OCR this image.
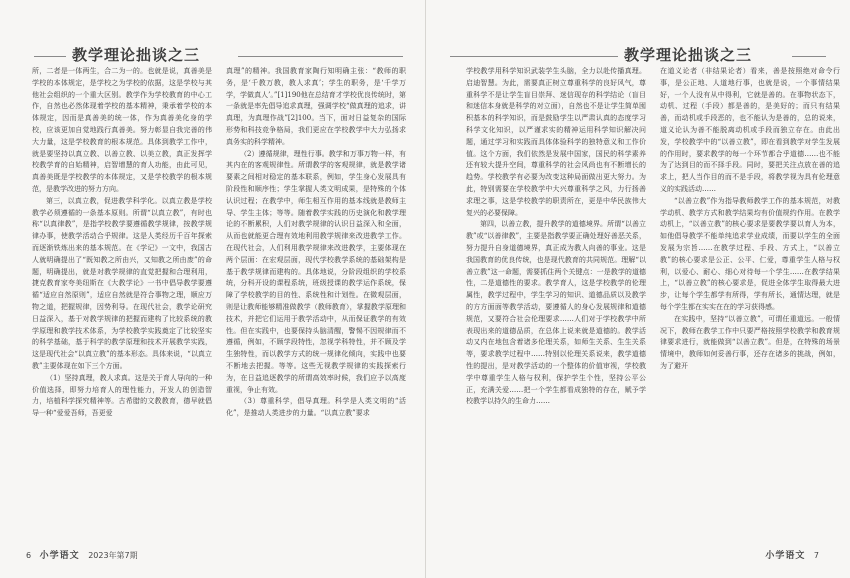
教学理论拙谈之三

所，二者是一体两生，合二为一的。也就是说，真善美是学校的本体规定，是学校之为学校的依据，这是学校与其他社会组织的一个重大区别。教学作为学校教育的中心工作，自然也必然体现着学校的基本精神，秉承着学校的本体规定，因而是真善美的统一体，作为真善美化身的学校，应该更加自觉地践行真善美。努力彰显自我完善的伟大力量，这是学校教育的根本规范。具体到教学工作中，就是要坚持以真立教、以善立教、以美立教，真正发挥学校教学育的自始精神，启智增慧的育人功能，由此可见，真善美既是学校教学的本体规定，又是学校教学的根本规范，是教学改进的努力方向。

第三，以真立教，促进教学科学化。以真立教是学校教学必须遵循的一条基本原则。所谓“以真立教”，有时也称“以真律教”，是指学校教学要遵循教学规律，按教学规律办事，使教学活动合乎规律。这是人类经历千百年探索而逐渐铁炼出来的基本规范。在《学记》一文中，我国古人就明确提出了“既知教之所由兴，又知教之所由废”的命题，明确提出，就是对教学规律的直觉把握和合理利用，捷克教育家夸美纽斯在《大教学论》一书中倡导教学要遵循“适应自然原则”，适应自然就是符合事物之理，顺应万物之道，把握规律，因势利导。在现代社会，教学论研究日益深入，基于对教学规律的把握而建构了比较系统的教学原理和教学技术体系，为学校教学实践奠定了比较坚实的科学基础，基于科学的教学原理和技术开展教学实践，这是现代社会“以真立教”的基本形态。具体来说，“以真立教”主要体现在如下三个方面。

（1）坚持真理，教人求真。这是关于育人导向的一种价值选择，即努力培育人的理性能力，开发人的创造智力，培植科学探究精神等。古希腊的文教教育，德早就倡导一种“爱爱吾师，吾更爱

真理”的精神。我国教育家陶行知明确主张：“教师的职务，是‘千教万教，教人求真’；学生的职务，是‘千学万学，学做真人’。”[1]190他在总结育才学校优良传统时，第一条就是率先倡导追求真理，强调学校“做真理的追求，讲真理，为真理作战”[2]100。当下，面对日益复杂的国际形势和科技竞争格局，我们更应在学校教学中大力弘扬求真务实的科学精神。

（2）遵循规律，理性行事。教学和万事万物一样，有其内在的客观规律性。所谓教学的客观规律，就是教学诸要素之间相对稳定的基本联系，例如，学生身心发展具有阶段性和顺序性；学生掌握人类文明成果，是特殊的个体认识过程；在教学中，师生相互作用的基本线就是教师主导、学生主体；等等。随着教学实践的历史演化和教学理论的不断累积，人们对教学规律的认识日益深入和全面，从而也就能更合理有效地利用教学规律来改进教学工作。在现代社会，人们利用教学规律来改进教学，主要体现在两个层面：在宏观层面，现代学校教学系统的基础架构是基于教学规律而建构的。具体地说，分阶段组织的学校系统，分科开设的课程系统，班级授课的教学运作系统，保障了学校教学的目的性、系统性和计划性。在微观层面，则是让教师能够精准做教学（教师教育），掌握教学原理和技术，并把它们运用于教学活动中，从而保证教学的有效性。但在实践中，也要保持头脑清醒，警惕不因规律而不遵循，例如，不顾学段特性，忽视学科特性，并不顾及学生独特性，而以教学方式的统一规律化倾向，实践中也要不断地去把握。等等。这些无视教学规律的实践探索行为，在日益追逐教学的所谓高效率时候，我们应予以高度重视，争止有效。

（3）尊重科学，倡导真理。科学是人类文明的“活化”，是推动人类进步的力量。“以真立教”要求

6 小学语文 2023年第7期
教学理论拙谈之三

学校教学用科学知识武装学生头脑，全力以赴传播真理。启迪智慧。为此，需要真正树立尊重科学的良好风气，尊重科学不是让学生盲目崇拜、迷信现存的科学结论（盲目和迷信本身就是科学的对立面），自然也不是让学生简单囤积基本的科学知识，而是鼓励学生以严肃认真的态度学习科学文化知识，以严谨求实的精神运用科学知识解决问题，通过学习和实践而具体体验科学的独特意义和工作价值。这个方面，我们依然是发展中国家，国民的科学素养还有较大提升空间，尊重科学的社会风尚也有不断增长的趋势。学校教学有必要为改变这种局面做出更大努力。为此，特别需要在学校教学中大兴尊重科学之风，力行扬善求理之事，这是学校教学的职责所在，更是中华民族伟大复兴的必要保障。

第四，以善立教，提升教学的道德境界。所谓“以善立教”或“以善律教”，主要是指教学要正确处理好善恶关系，努力提升自身道德境界，真正成为教人向善的事业。这是我国教育的优良传统，也是现代教育的共同规范。理解“以善立教”这一命题，需要抓住两个关键点：一是教学的道德性，二是道德性的要求。教学育人，这是学校教学的伦理属性，教学过程中，学生学习的知识、道德品质以及教学的方方面面等教学活动，要遵循人的身心发展规律和道德规范，又要符合社会伦理要求……人们对于学校教学中所表现出来的道德品质，在总体上说来就是道德的。教学活动又内在地包含着诸多伦理关系，如师生关系、生生关系等，要求教学过程中……特别以伦理关系说来，教学道德性的提出，是对教学活动的一个整体的价值审视，学校教学中尊重学生人格与权利，保护学生个性，坚持公平公正，充满关爱……把一个学生都看成独特的存在，赋予学校教学以持久的生命力……

在道义论者（非结果论者）看来，善是按照绝对命令行事，是公正地、人道地行事，也就是说，一个事情结果好，一个人没有从中得利，它就是善的。在事物状态下，动机、过程（手段）都是善的，是美好的；而只有结果善，而动机或手段恶的，也不能认为是善的，总的说来，道义论认为善不能脱离动机或手段而独立存在。由此出发，学校教学中的“以善立教”，即在看到教学对学生发展的作用时，要求教学的每一个环节都合乎道德……也不能为了达到目的而不择手段。同时，要把关注点放在善的追求上，把人当作目的而不是手段，将教学视为具有伦理意义的实践活动……

“以善立教”作为指导教师教学工作的基本规范，对教学动机、教学方式和教学结果均有价值规约作用。在教学动机上，“以善立教”的核心要求是要教学要以育人为本，如他倡导教学不能单纯追求学业成绩，而要以学生的全面发展为宗旨……在教学过程、手段、方式上，“以善立教”的核心要求是公正、公平、仁爱，尊重学生人格与权利，以爱心、耐心、细心对待每一个学生……在教学结果上，“以善立教”的核心要求是，促进全体学生取得最大进步，让每个学生都学有所得，学有所长，通情达理，就是每个学生都在实实在在的学习获得感。

在实践中，坚持“以善立教”，可谓任重道远。一般情况下，教师在教学工作中只要严格按照学校教学和教育规律要求进行，就能做到“以善立教”。但是，在特殊的场景情境中，教师如何妥善行事，还存在诸多的挑战，例如，为了避开

小学语文 7
